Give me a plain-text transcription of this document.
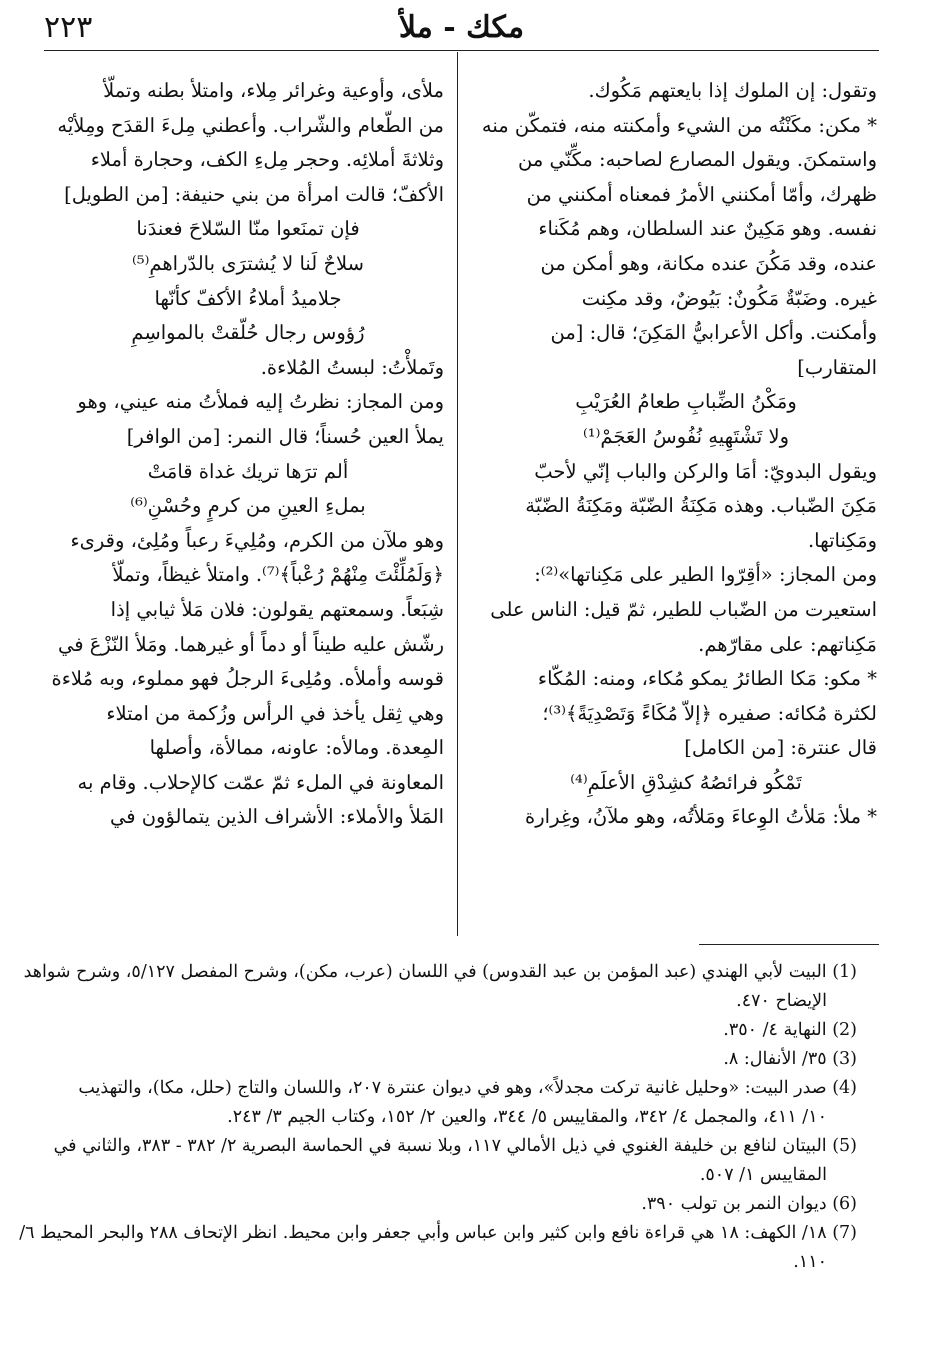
مكك - ملأ
٢٢٣
وتقول: إن الملوك إذا بايعتهم مَكُوك.
* مكن: مكَنْتُه من الشيء وأمكنته منه، فتمكّن منه
واستمكنَ. ويقول المصارع لصاحبه: مكِّنّي من
ظهرك، وأمّا أمكنني الأمرُ فمعناه أمكنني من
نفسه. وهو مَكِينٌ عند السلطان، وهم مُكَناء
عنده، وقد مَكُنَ عنده مكانة، وهو أمكن من
غيره. وضَبّةٌ مَكُونٌ: بَيُوضٌ، وقد مكِنت
وأمكنت. وأكل الأعرابيُّ المَكِنَ؛ قال: [من
المتقارب]
ومَكْنُ الضِّبابِ طعامُ العُرَيْبِ
ولا تَشْتَهِيهِ نُفُوسُ العَجَمْ⁽¹⁾
ويقول البدويّ: أمَا والركن والباب إنّي لأحبّ
مَكِنَ الضّباب. وهذه مَكِنَةُ الضّبّة ومَكِنَةُ الضّبّة
ومَكِناتها.
ومن المجاز: «أقِرّوا الطير على مَكِناتها»⁽²⁾:
استعيرت من الضّباب للطير، ثمّ قيل: الناس على
مَكِناتهم: على مقارّهم.
* مكو: مَكا الطائرُ يمكو مُكاء، ومنه: المُكّاء
لكثرة مُكائه: صفيره ﴿إلاّ مُكَاءً وَتَصْدِيَةً﴾⁽³⁾؛
قال عنترة: [من الكامل]
تَمْكُو فرائصُهُ كشِدْقِ الأعلَمِ⁽⁴⁾
* ملأ: مَلأتُ الوِعاءَ ومَلأتُه، وهو ملآنُ، وغِرارة
ملأى، وأوعية وغرائر مِلاء، وامتلأ بطنه وتملّأ
من الطّعام والشّراب. وأعطني مِلءَ القدَح ومِلأيْه
وثلاثةَ أملائِه. وحجر مِلءِ الكف، وحجارة أملاء
الأكفّ؛ قالت امرأة من بني حنيفة: [من الطويل]
فإن تمنَعوا منّا السّلاحَ فعندَنا
سلاحٌ لَنا لا يُشترَى بالدّراهمِ⁽⁵⁾
جلاميدُ أملاءُ الأكفّ كأنّها
رُؤوس رجال حُلّقتْ بالمواسِمِ
وتَملأْتُ: لبستُ المُلاءة.
ومن المجاز: نظرتُ إليه فملأتُ منه عيني، وهو
يملأ العين حُسناً؛ قال النمر: [من الوافر]
ألم ترَها تريك غداة قامَتْ
بملءِ العينِ من كرمٍ وحُسْنِ⁽⁶⁾
وهو ملآن من الكرم، ومُلِيءَ رعباً ومُلِئ، وقرىء
﴿وَلَمُلِّئْتَ مِنْهُمْ رُعْباً﴾⁽⁷⁾. وامتلأ غيظاً، وتملّأ
شِبَعاً. وسمعتهم يقولون: فلان مَلأ ثيابي إذا
رشّش عليه طيناً أو دماً أو غيرهما. ومَلأ النّزْعَ في
قوسه وأملأه. ومُلِىءَ الرجلُ فهو مملوء، وبه مُلاءة
وهي ثِقل يأخذ في الرأس وزُكمة من امتلاء
المِعدة. ومالأه: عاونه، ممالأة، وأصلها
المعاونة في الملء ثمّ عمّت كالإحلاب. وقام به
المَلأ والأملاء: الأشراف الذين يتمالؤون في
(1) البيت لأبي الهندي (عبد المؤمن بن عبد القدوس) في اللسان (عرب، مكن)، وشرح المفصل ٥/١٢٧، وشرح شواهد
الإيضاح ٤٧٠.
(2) النهاية ٤/ ٣٥٠.
(3) ٣٥/ الأنفال: ٨.
(4) صدر البيت: «وحليل غانية تركت مجدلاً»، وهو في ديوان عنترة ٢٠٧، واللسان والتاج (حلل، مكا)، والتهذيب
١٠/ ٤١١، والمجمل ٤/ ٣٤٢، والمقاييس ٥/ ٣٤٤، والعين ٢/ ١٥٢، وكتاب الجيم ٣/ ٢٤٣.
(5) البيتان لنافع بن خليفة الغنوي في ذيل الأمالي ١١٧، وبلا نسبة في الحماسة البصرية ٢/ ٣٨٢ - ٣٨٣، والثاني في
المقاييس ١/ ٥٠٧.
(6) ديوان النمر بن تولب ٣٩٠.
(7) ١٨/ الكهف: ١٨ هي قراءة نافع وابن كثير وابن عباس وأبي جعفر وابن محيط. انظر الإتحاف ٢٨٨ والبحر المحيط ٦/
١١٠.
